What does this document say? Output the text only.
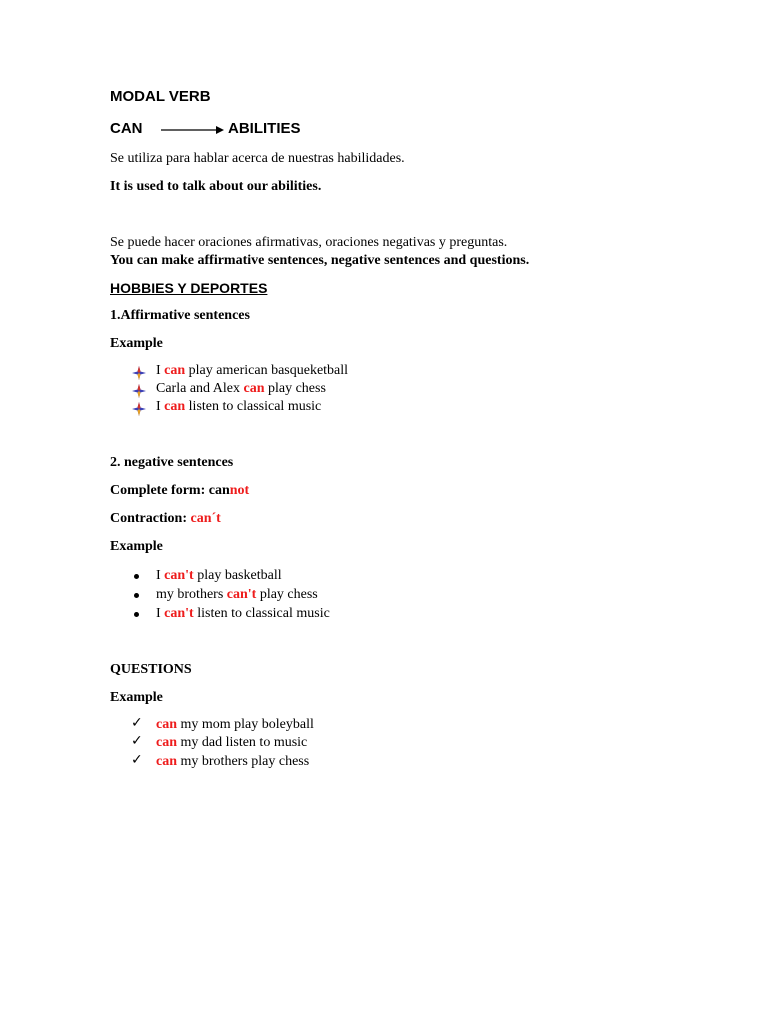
MODAL VERB
CAN	ABILITIES
Se utiliza para hablar acerca de nuestras habilidades.
It is used to talk about our abilities.
Se puede hacer oraciones afirmativas, oraciones negativas y preguntas.
You can make affirmative sentences, negative sentences and questions.
HOBBIES Y DEPORTES
1.Affirmative sentences
Example
I can play american basqueketball
Carla and Alex can play chess
I can listen to classical music
2. negative sentences
Complete form: cannot
Contraction: can´t
Example
I can't play basketball
my brothers can't play chess
I can't listen to classical music
QUESTIONS
Example
✓ can my mom play boleyball
✓ can my dad listen to music
✓ can my brothers play chess
